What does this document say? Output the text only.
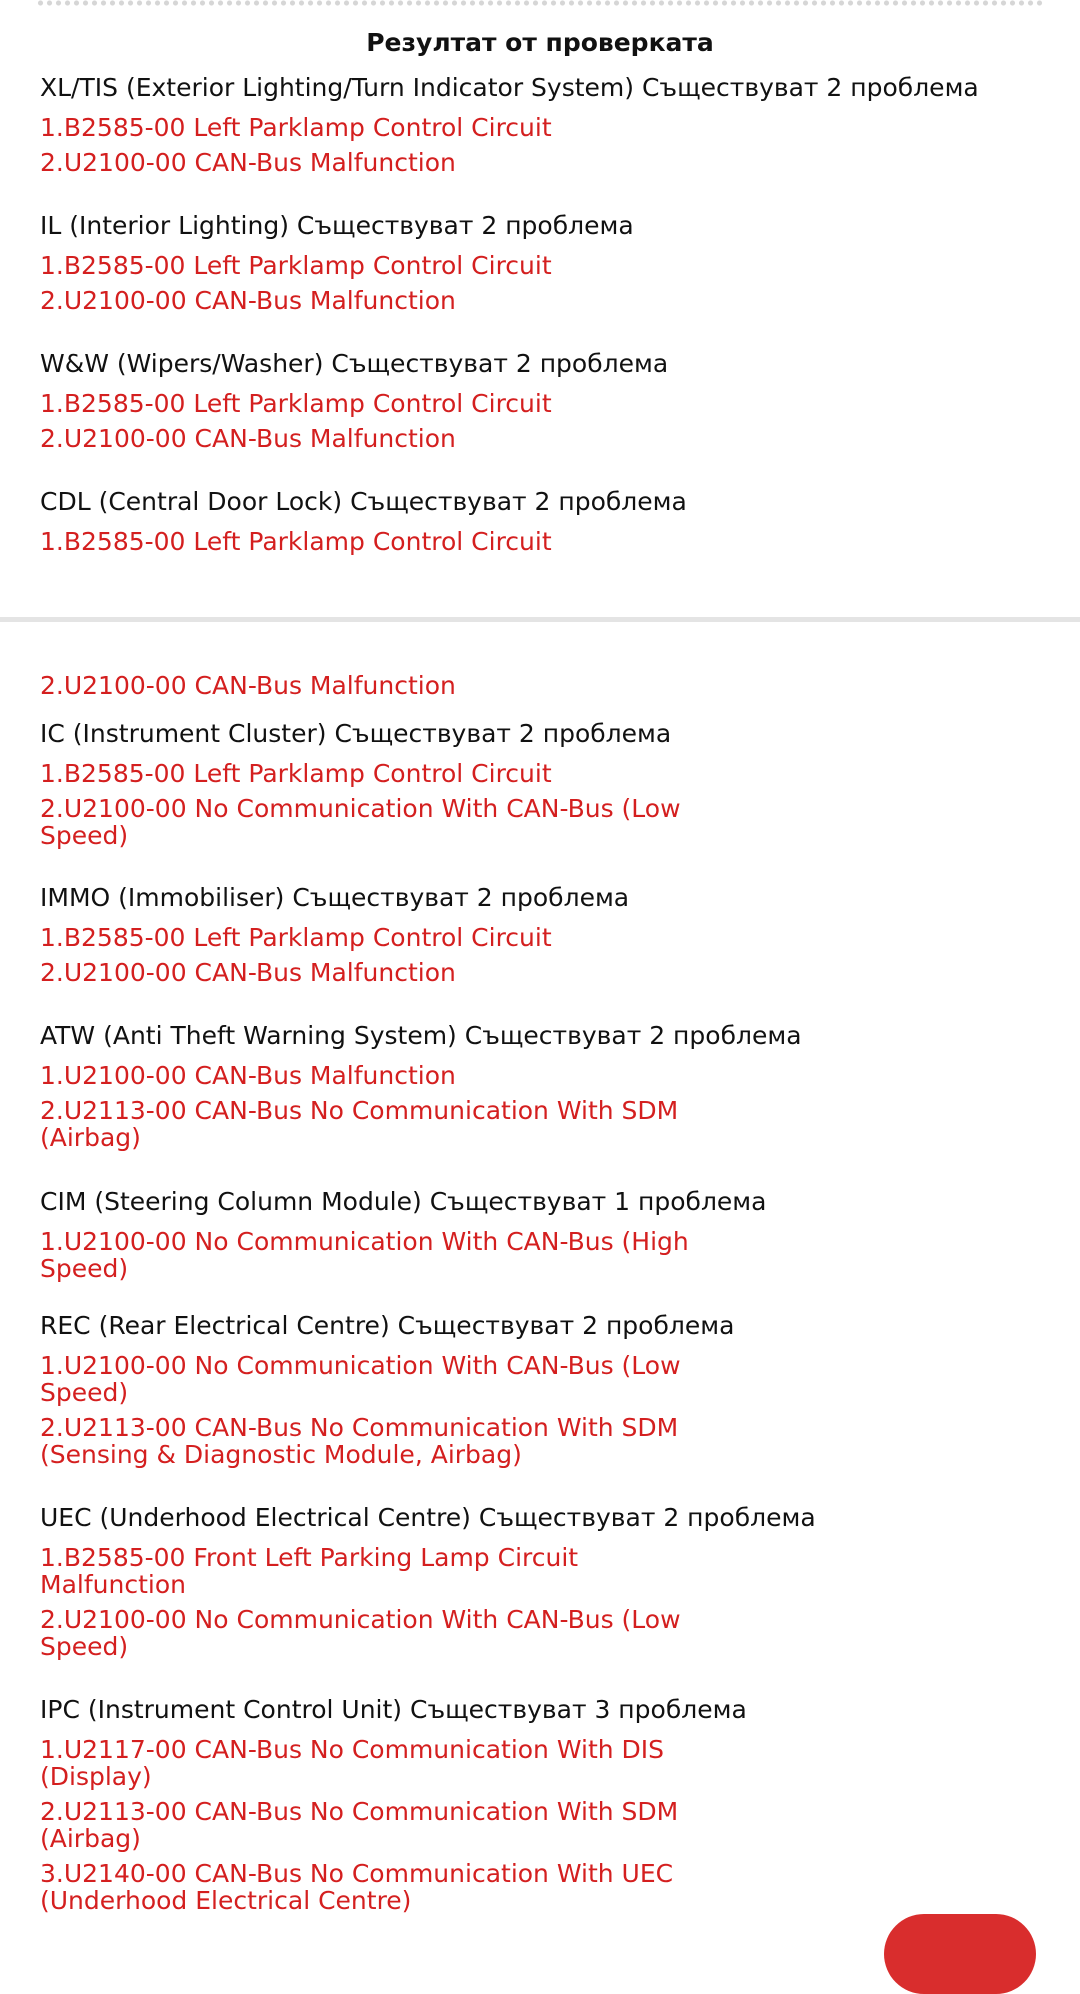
Резултат от проверката
XL/TIS (Exterior Lighting/Turn Indicator System) Съществуват 2 проблема
1.B2585-00 Left Parklamp Control Circuit
2.U2100-00 CAN-Bus Malfunction
IL (Interior Lighting) Съществуват 2 проблема
1.B2585-00 Left Parklamp Control Circuit
2.U2100-00 CAN-Bus Malfunction
W&W (Wipers/Washer) Съществуват 2 проблема
1.B2585-00 Left Parklamp Control Circuit
2.U2100-00 CAN-Bus Malfunction
CDL (Central Door Lock) Съществуват 2 проблема
1.B2585-00 Left Parklamp Control Circuit
2.U2100-00 CAN-Bus Malfunction
IC (Instrument Cluster) Съществуват 2 проблема
1.B2585-00 Left Parklamp Control Circuit
2.U2100-00 No Communication With CAN-Bus (Low Speed)
IMMO (Immobiliser) Съществуват 2 проблема
1.B2585-00 Left Parklamp Control Circuit
2.U2100-00 CAN-Bus Malfunction
ATW (Anti Theft Warning System) Съществуват 2 проблема
1.U2100-00 CAN-Bus Malfunction
2.U2113-00 CAN-Bus No Communication With SDM (Airbag)
CIM (Steering Column Module) Съществуват 1 проблема
1.U2100-00 No Communication With CAN-Bus (High Speed)
REC (Rear Electrical Centre) Съществуват 2 проблема
1.U2100-00 No Communication With CAN-Bus (Low Speed)
2.U2113-00 CAN-Bus No Communication With SDM (Sensing & Diagnostic Module, Airbag)
UEC (Underhood Electrical Centre) Съществуват 2 проблема
1.B2585-00 Front Left Parking Lamp Circuit Malfunction
2.U2100-00 No Communication With CAN-Bus (Low Speed)
IPC (Instrument Control Unit) Съществуват 3 проблема
1.U2117-00 CAN-Bus No Communication With DIS (Display)
2.U2113-00 CAN-Bus No Communication With SDM (Airbag)
3.U2140-00 CAN-Bus No Communication With UEC (Underhood Electrical Centre)
